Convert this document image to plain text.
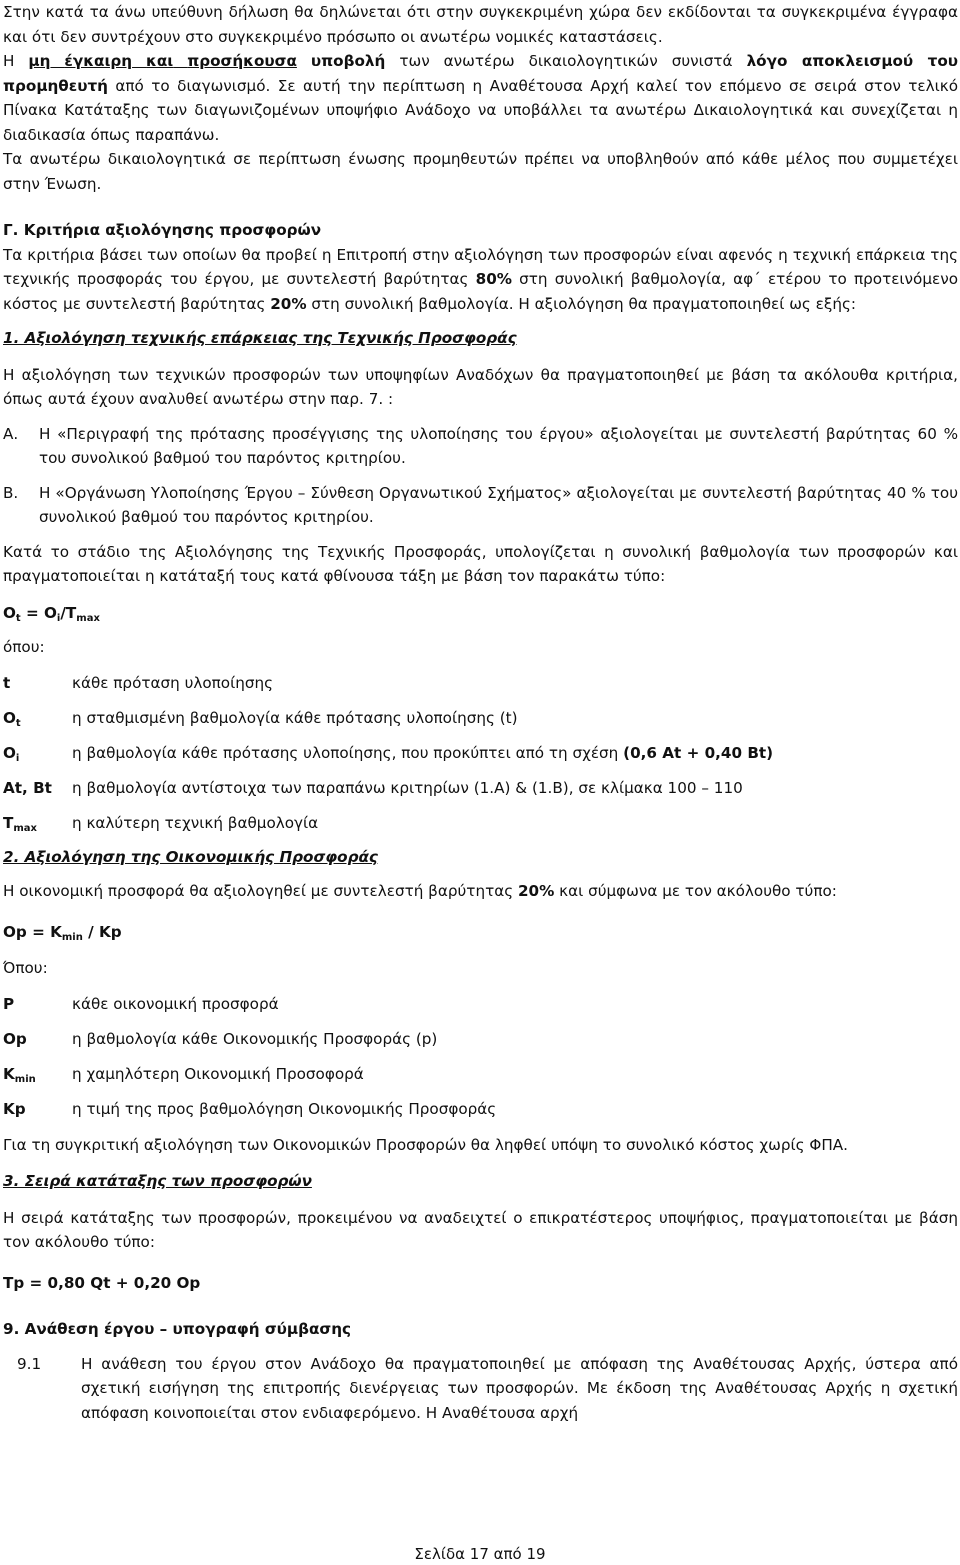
Στην κατά τα άνω υπεύθυνη δήλωση θα δηλώνεται ότι στην συγκεκριμένη χώρα δεν εκδίδονται τα συγκεκριμένα έγγραφα και ότι δεν συντρέχουν στο συγκεκριμένο πρόσωπο οι ανωτέρω νομικές καταστάσεις.

Η μη έγκαιρη και προσήκουσα υποβολή των ανωτέρω δικαιολογητικών συνιστά λόγο αποκλεισμού του προμηθευτή από το διαγωνισμό. Σε αυτή την περίπτωση η Αναθέτουσα Αρχή καλεί τον επόμενο σε σειρά στον τελικό Πίνακα Κατάταξης των διαγωνιζομένων υποψήφιο Ανάδοχο να υποβάλλει τα ανωτέρω Δικαιολογητικά και συνεχίζεται η διαδικασία όπως παραπάνω.

Τα ανωτέρω δικαιολογητικά σε περίπτωση ένωσης προμηθευτών πρέπει να υποβληθούν από κάθε μέλος που συμμετέχει στην Ένωση.

Γ. Κριτήρια αξιολόγησης προσφορών

Τα κριτήρια βάσει των οποίων θα προβεί η Επιτροπή στην αξιολόγηση των προσφορών είναι αφενός η τεχνική επάρκεια της τεχνικής προσφοράς του έργου, με συντελεστή βαρύτητας 80% στη συνολική βαθμολογία, αφ΄ ετέρου το προτεινόμενο κόστος με συντελεστή βαρύτητας 20% στη συνολική βαθμολογία. Η αξιολόγηση θα πραγματοποιηθεί ως εξής:

1. Αξιολόγηση τεχνικής επάρκειας της Τεχνικής Προσφοράς

Η αξιολόγηση των τεχνικών προσφορών των υποψηφίων Αναδόχων θα πραγματοποιηθεί με βάση τα ακόλουθα κριτήρια, όπως αυτά έχουν αναλυθεί ανωτέρω στην παρ. 7. :

Α.	Η «Περιγραφή της πρότασης προσέγγισης της υλοποίησης του έργου» αξιολογείται με συντελεστή βαρύτητας 60 % του συνολικού βαθμού του παρόντος κριτηρίου.
Β.	Η «Οργάνωση Υλοποίησης Έργου – Σύνθεση Οργανωτικού Σχήματος» αξιολογείται με συντελεστή βαρύτητας 40 % του συνολικού βαθμού του παρόντος κριτηρίου.

Κατά το στάδιο της Αξιολόγησης της Τεχνικής Προσφοράς, υπολογίζεται η συνολική βαθμολογία των προσφορών και πραγματοποιείται η κατάταξή τους κατά φθίνουσα τάξη με βάση τον παρακάτω τύπο:

$O_t = O_i/T_{max}$
όπου:
t	κάθε πρόταση υλοποίησης
$O_t$	η σταθμισμένη βαθμολογία κάθε πρότασης υλοποίησης (t)
$O_i$	η βαθμολογία κάθε πρότασης υλοποίησης, που προκύπτει από τη σχέση (0,6 At + 0,40 Bt)
At, Bt	η βαθμολογία αντίστοιχα των παραπάνω κριτηρίων (1.Α) & (1.Β), σε κλίμακα 100 – 110
$T_{max}$	η καλύτερη τεχνική βαθμολογία
2. Αξιολόγηση της Οικονομικής Προσφοράς

Η οικονομική προσφορά θα αξιολογηθεί με συντελεστή βαρύτητας 20% και σύμφωνα με τον ακόλουθο τύπο:

$Op = K_{min} / Kp$
Όπου:
P	κάθε οικονομική προσφορά
Op	η βαθμολογία κάθε Οικονομικής Προσφοράς (p)
$K_{min}$	η χαμηλότερη Οικονομική Προσοφορά
Kp	η τιμή της προς βαθμολόγηση Οικονομικής Προσφοράς

Για τη συγκριτική αξιολόγηση των Οικονομικών Προσφορών θα ληφθεί υπόψη το συνολικό κόστος χωρίς ΦΠΑ.

3. Σειρά κατάταξης των προσφορών

Η σειρά κατάταξης των προσφορών, προκειμένου να αναδειχτεί ο επικρατέστερος υποψήφιος, πραγματοποιείται με βάση τον ακόλουθο τύπο:

Tp = 0,80 Qt + 0,20 Op
9. Ανάθεση έργου – υπογραφή σύμβασης
9.1	Η ανάθεση του έργου στον Ανάδοχο θα πραγματοποιηθεί με απόφαση της Αναθέτουσας Αρχής, ύστερα από σχετική εισήγηση της επιτροπής διενέργειας των προσφορών. Με έκδοση της Αναθέτουσας Αρχής η σχετική απόφαση κοινοποιείται στον ενδιαφερόμενο. Η Αναθέτουσα αρχή
Σελίδα 17 από 19
